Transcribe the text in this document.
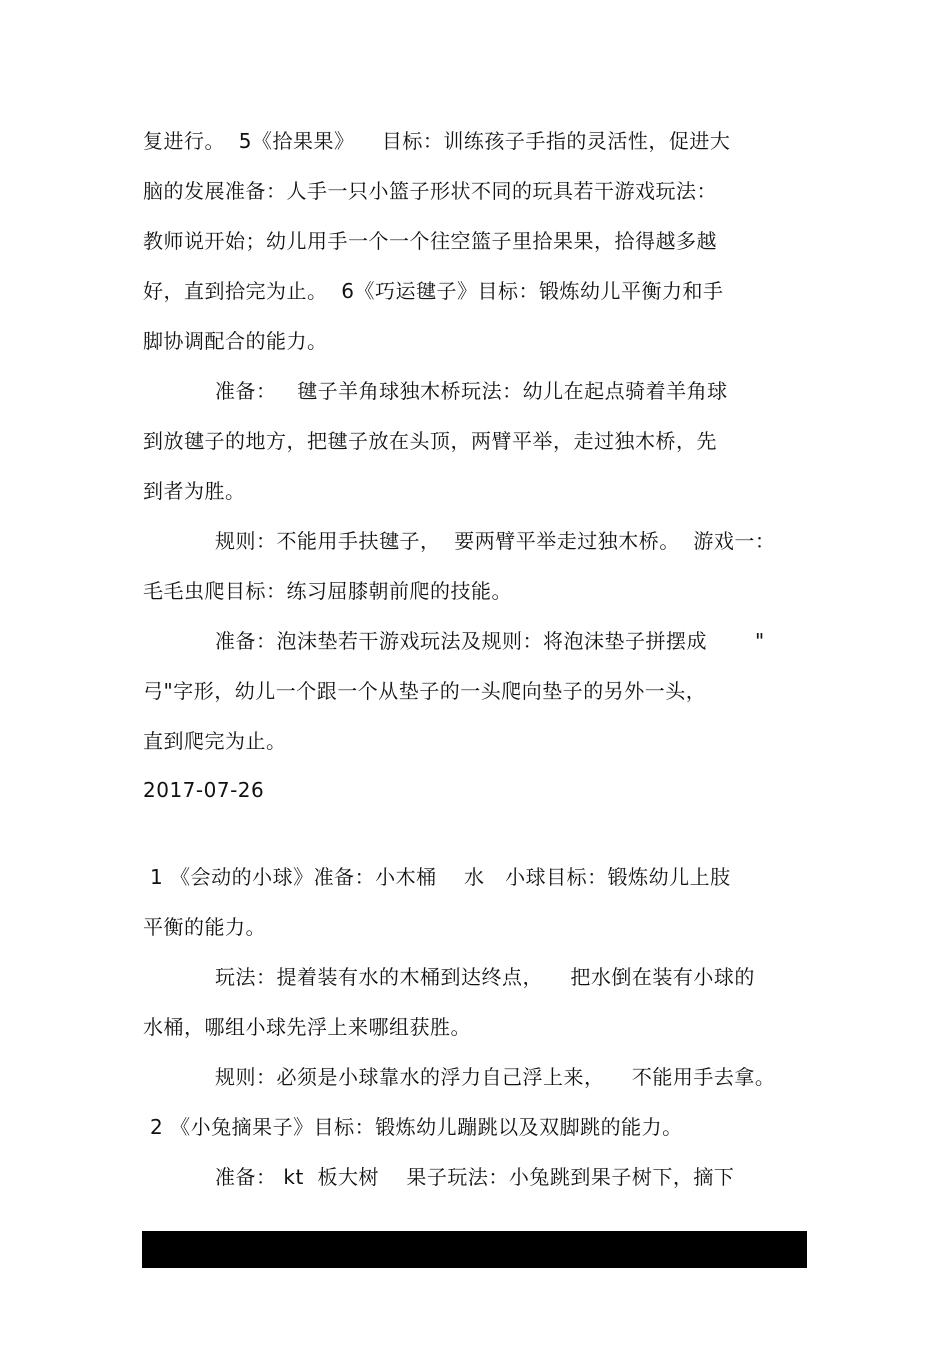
复进行。  5《拾果果》    目标：训练孩子手指的灵活性，促进大
脑的发展准备：人手一只小篮子形状不同的玩具若干游戏玩法：
教师说开始；幼儿用手一个一个往空篮子里拾果果，拾得越多越
好，直到拾完为止。  6《巧运毽子》目标：锻炼幼儿平衡力和手
脚协调配合的能力。
准备：   毽子羊角球独木桥玩法：幼儿在起点骑着羊角球
到放毽子的地方，把毽子放在头顶，两臂平举，走过独木桥，先
到者为胜。
规则：不能用手扶毽子，  要两臂平举走过独木桥。  游戏一：
毛毛虫爬目标：练习屈膝朝前爬的技能。
准备：泡沫垫若干游戏玩法及规则：将泡沫垫子拼摆成       "
弓"字形，幼儿一个跟一个从垫子的一头爬向垫子的另外一头，
直到爬完为止。
2017-07-26
1 《会动的小球》准备：小木桶    水   小球目标：锻炼幼儿上肢
平衡的能力。
玩法：提着装有水的木桶到达终点，    把水倒在装有小球的
水桶，哪组小球先浮上来哪组获胜。
规则：必须是小球靠水的浮力自己浮上来，    不能用手去拿。
2 《小兔摘果子》目标：锻炼幼儿蹦跳以及双脚跳的能力。
准备： kt  板大树    果子玩法：小兔跳到果子树下，摘下
